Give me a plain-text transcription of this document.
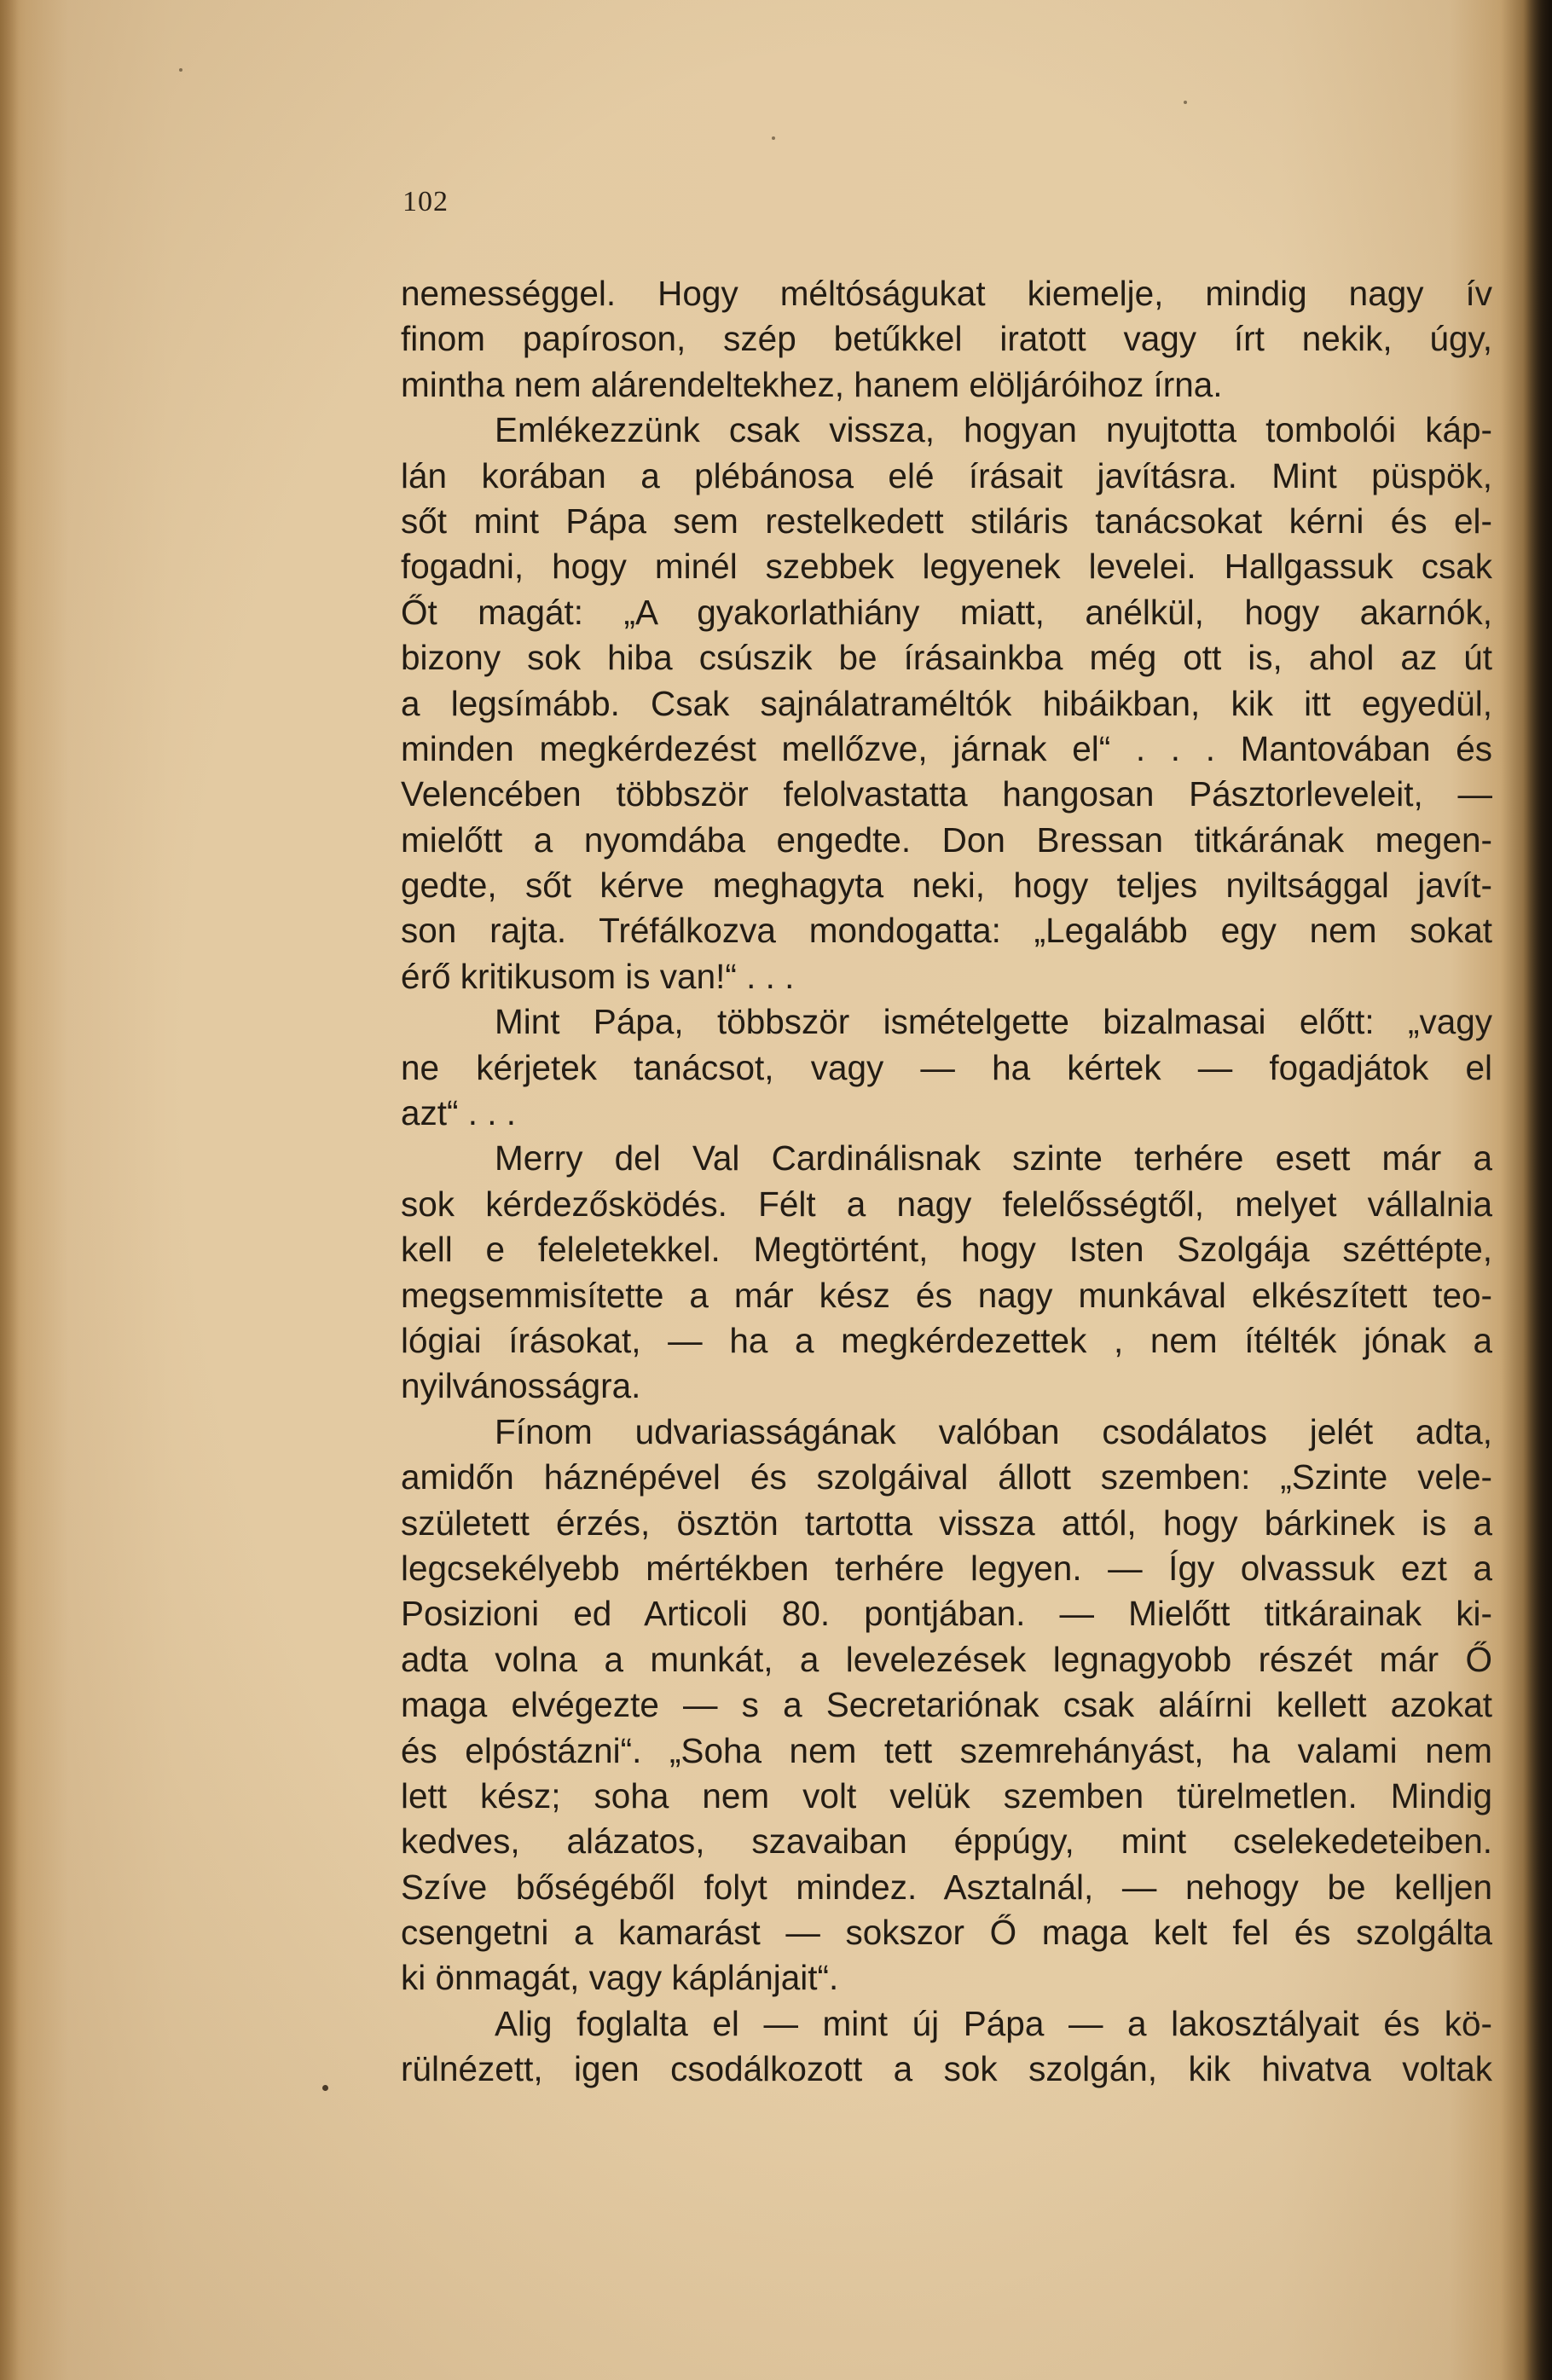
102
nemességgel. Hogy méltóságukat kiemelje, mindig nagy ív
finom papíroson, szép betűkkel iratott vagy írt nekik, úgy,
mintha nem alárendeltekhez, hanem elöljáróihoz írna.
Emlékezzünk csak vissza, hogyan nyujtotta tombolói káp-
lán korában a plébánosa elé írásait javításra. Mint püspök,
sőt mint Pápa sem restelkedett stiláris tanácsokat kérni és el-
fogadni, hogy minél szebbek legyenek levelei. Hallgassuk csak
Őt magát: „A gyakorlathiány miatt, anélkül, hogy akarnók,
bizony sok hiba csúszik be írásainkba még ott is, ahol az út
a legsímább. Csak sajnálatraméltók hibáikban, kik itt egyedül,
minden megkérdezést mellőzve, járnak el“ . . . Mantovában és
Velencében többször felolvastatta hangosan Pásztorleveleit, —
mielőtt a nyomdába engedte. Don Bressan titkárának megen-
gedte, sőt kérve meghagyta neki, hogy teljes nyiltsággal javít-
son rajta. Tréfálkozva mondogatta: „Legalább egy nem sokat
érő kritikusom is van!“ . . .
Mint Pápa, többször ismételgette bizalmasai előtt: „vagy
ne kérjetek tanácsot, vagy — ha kértek — fogadjátok el
azt“ . . .
Merry del Val Cardinálisnak szinte terhére esett már a
sok kérdezősködés. Félt a nagy felelősségtől, melyet vállalnia
kell e feleletekkel. Megtörtént, hogy Isten Szolgája széttépte,
megsemmisítette a már kész és nagy munkával elkészített teo-
lógiai írásokat, — ha a megkérdezettek , nem ítélték jónak a
nyilvánosságra.
Fínom udvariasságának valóban csodálatos jelét adta,
amidőn háznépével és szolgáival állott szemben: „Szinte vele-
született érzés, ösztön tartotta vissza attól, hogy bárkinek is a
legcsekélyebb mértékben terhére legyen. — Így olvassuk ezt a
Posizioni ed Articoli 80. pontjában. — Mielőtt titkárainak ki-
adta volna a munkát, a levelezések legnagyobb részét már Ő
maga elvégezte — s a Secretariónak csak aláírni kellett azokat
és elpóstázni“. „Soha nem tett szemrehányást, ha valami nem
lett kész; soha nem volt velük szemben türelmetlen. Mindig
kedves, alázatos, szavaiban éppúgy, mint cselekedeteiben.
Szíve bőségéből folyt mindez. Asztalnál, — nehogy be kelljen
csengetni a kamarást — sokszor Ő maga kelt fel és szolgálta
ki önmagát, vagy káplánjait“.
Alig foglalta el — mint új Pápa — a lakosztályait és kö-
rülnézett, igen csodálkozott a sok szolgán, kik hivatva voltak
